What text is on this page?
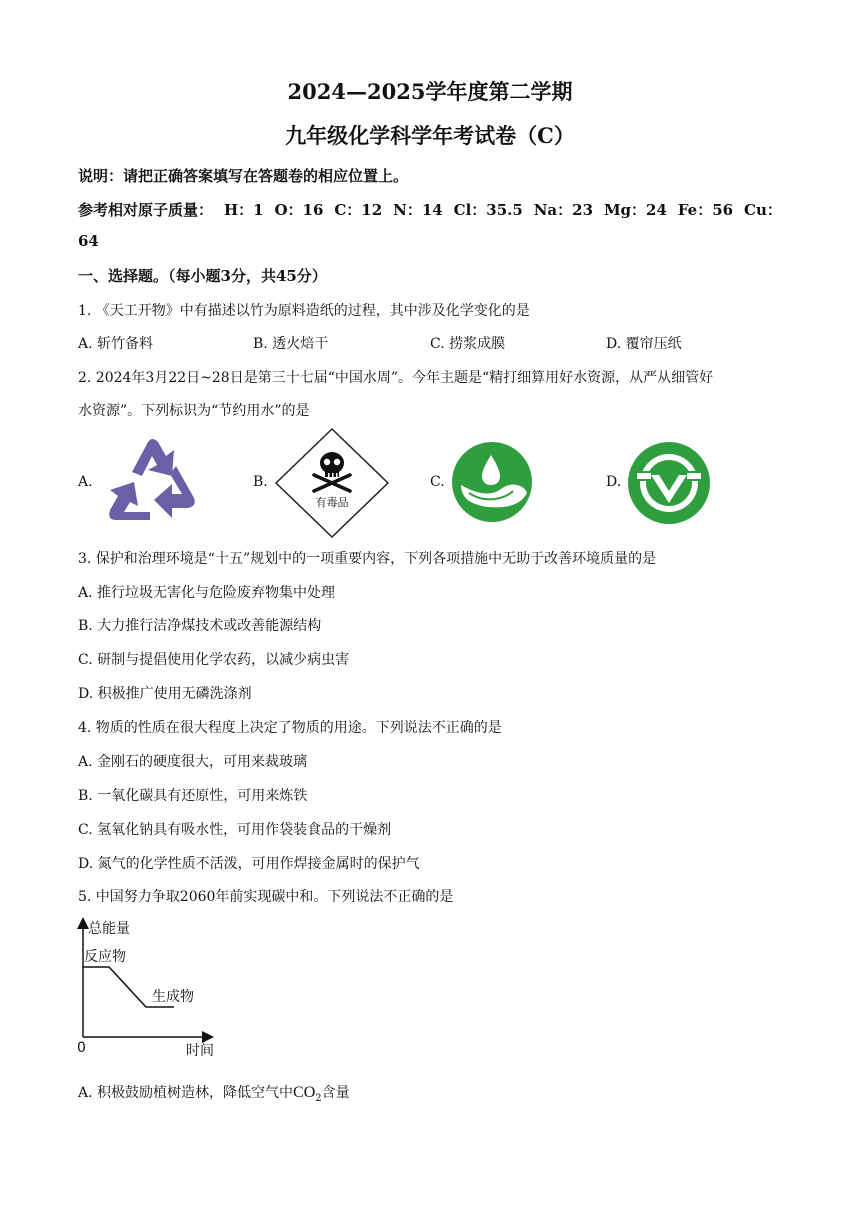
2024—2025学年度第二学期
九年级化学科学年考试卷（C）
说明：请把正确答案填写在答题卷的相应位置上。
参考相对原子质量： H：1 O：16 C：12 N：14 Cl：35.5 Na：23 Mg：24 Fe：56 Cu：
64
一、选择题。（每小题3分，共45分）
1. 《天工开物》中有描述以竹为原料造纸的过程，其中涉及化学变化的是
A. 斩竹备料	B. 透火焙干	C. 捞浆成膜	D. 覆帘压纸
2. 2024年3月22日~28日是第三十七届“中国水周”。今年主题是“精打细算用好水资源，从严从细管好
水资源”。下列标识为“节约用水”的是
A.	B.
有毒品
C.	D.
3. 保护和治理环境是“十五”规划中的一项重要内容，下列各项措施中无助于改善环境质量的是
A. 推行垃圾无害化与危险废弃物集中处理
B. 大力推行洁净煤技术或改善能源结构
C. 研制与提倡使用化学农药，以减少病虫害
D. 积极推广使用无磷洗涤剂
4. 物质的性质在很大程度上决定了物质的用途。下列说法不正确的是
A. 金刚石的硬度很大，可用来裁玻璃
B. 一氧化碳具有还原性，可用来炼铁
C. 氢氧化钠具有吸水性，可用作袋装食品的干燥剂
D. 氮气的化学性质不活泼，可用作焊接金属时的保护气
5. 中国努力争取2060年前实现碳中和。下列说法不正确的是
总能量
反应物
生成物
0	时间
A. 积极鼓励植树造林，降低空气中$CO_2$含量
